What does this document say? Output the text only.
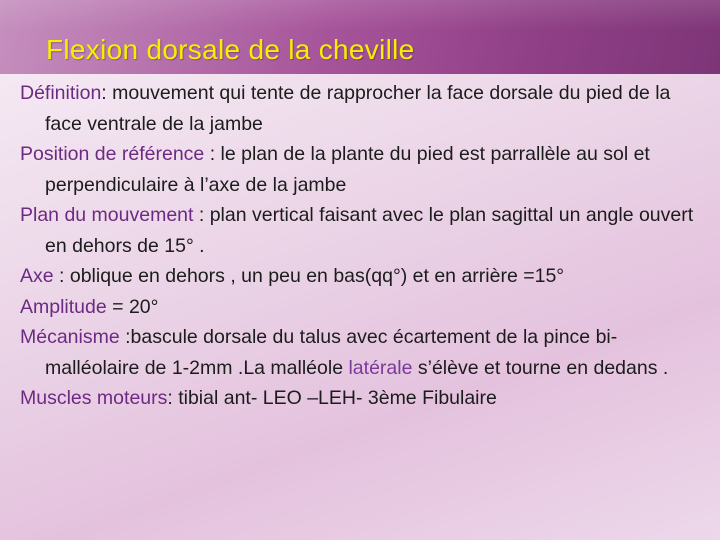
Flexion dorsale de la cheville

Définition: mouvement qui tente de rapprocher la face dorsale du pied de la face ventrale de la jambe

Position de référence : le plan de la plante du pied est parrallèle au sol et perpendiculaire à l’axe de la jambe

Plan du mouvement : plan vertical faisant avec le plan sagittal un angle ouvert en dehors de 15° .

Axe : oblique en dehors , un peu en bas(qq°) et en arrière =15°

Amplitude = 20°

Mécanisme :bascule dorsale du talus avec écartement de la pince bi-malléolaire de 1-2mm .La malléole latérale s’élève et tourne en dedans .

Muscles moteurs: tibial ant- LEO –LEH- 3ème Fibulaire
